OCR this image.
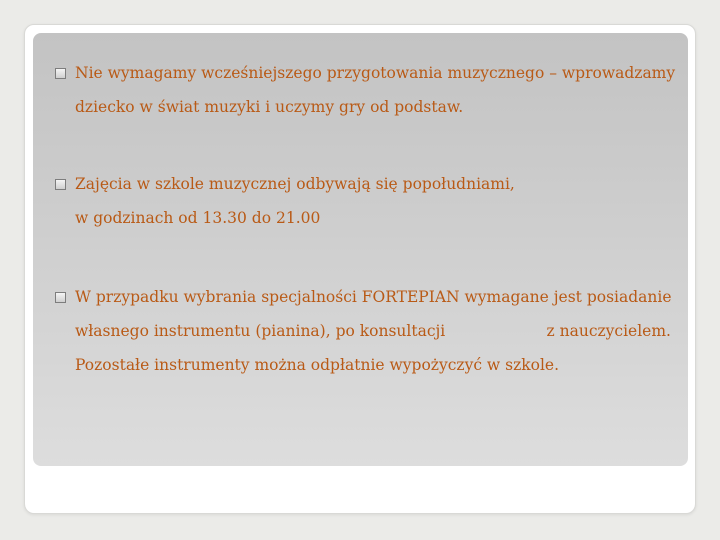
Nie wymagamy wcześniejszego przygotowania muzycznego – wprowadzamy
dziecko w świat muzyki i uczymy gry od podstaw.
Zajęcia w szkole muzycznej odbywają się popołudniami,
w godzinach od 13.30 do 21.00
W przypadku wybrania specjalności FORTEPIAN wymagane jest posiadanie
własnego instrumentu (pianina), po konsultacji	z nauczycielem.
Pozostałe instrumenty można odpłatnie wypożyczyć w szkole.
